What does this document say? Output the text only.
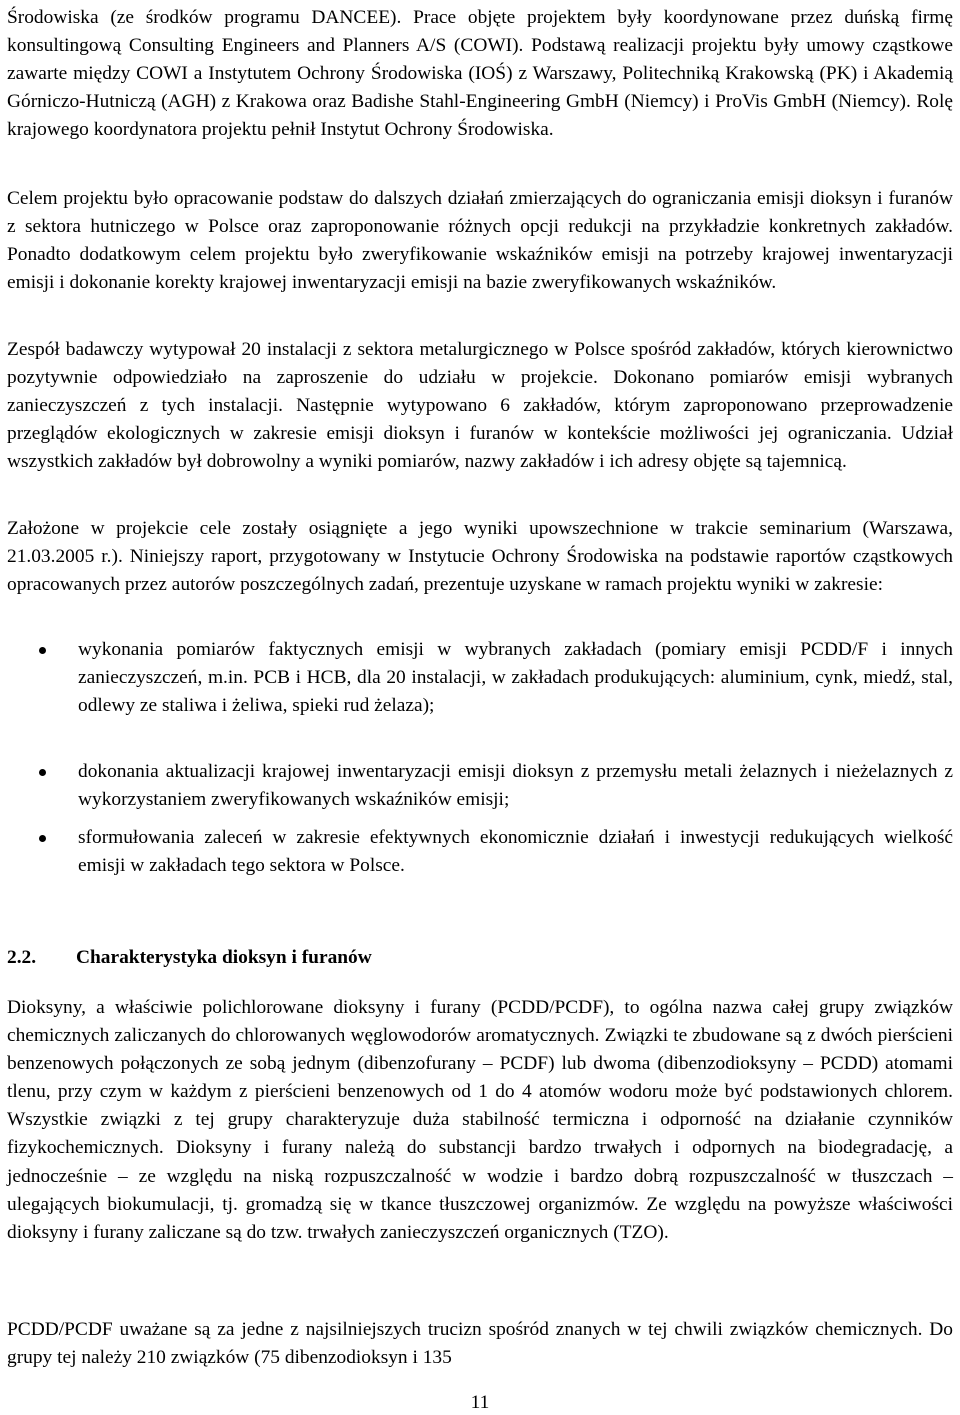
Środowiska (ze środków programu DANCEE). Prace objęte projektem były koordynowane przez duńską firmę konsultingową Consulting Engineers and Planners A/S (COWI). Podstawą realizacji projektu były umowy cząstkowe zawarte między COWI a Instytutem Ochrony Środowiska (IOŚ) z Warszawy, Politechniką Krakowską (PK) i Akademią Górniczo-Hutniczą (AGH) z Krakowa oraz Badishe Stahl-Engineering GmbH (Niemcy) i ProVis GmbH (Niemcy). Rolę krajowego koordynatora projektu pełnił Instytut Ochrony Środowiska.

Celem projektu było opracowanie podstaw do dalszych działań zmierzających do ograniczania emisji dioksyn i furanów z sektora hutniczego w Polsce oraz zaproponowanie różnych opcji redukcji na przykładzie konkretnych zakładów. Ponadto dodatkowym celem projektu było zweryfikowanie wskaźników emisji na potrzeby krajowej inwentaryzacji emisji i dokonanie korekty krajowej inwentaryzacji emisji na bazie zweryfikowanych wskaźników.

Zespół badawczy wytypował 20 instalacji z sektora metalurgicznego w Polsce spośród zakładów, których kierownictwo pozytywnie odpowiedziało na zaproszenie do udziału w projekcie. Dokonano pomiarów emisji wybranych zanieczyszczeń z tych instalacji. Następnie wytypowano 6 zakładów, którym zaproponowano przeprowadzenie przeglądów ekologicznych w zakresie emisji dioksyn i furanów w kontekście możliwości jej ograniczania. Udział wszystkich zakładów był dobrowolny a wyniki pomiarów, nazwy zakładów i ich adresy objęte są tajemnicą.

Założone w projekcie cele zostały osiągnięte a jego wyniki upowszechnione w trakcie seminarium (Warszawa, 21.03.2005 r.). Niniejszy raport, przygotowany w Instytucie Ochrony Środowiska na podstawie raportów cząstkowych opracowanych przez autorów poszczególnych zadań, prezentuje uzyskane w ramach projektu wyniki w zakresie:

wykonania pomiarów faktycznych emisji w wybranych zakładach (pomiary emisji PCDD/F i innych zanieczyszczeń, m.in. PCB i HCB, dla 20 instalacji, w zakładach produkujących: aluminium, cynk, miedź, stal, odlewy ze staliwa i żeliwa, spieki rud żelaza);

dokonania aktualizacji krajowej inwentaryzacji emisji dioksyn z przemysłu metali żelaznych i nieżelaznych z wykorzystaniem zweryfikowanych wskaźników emisji;

sformułowania zaleceń w zakresie efektywnych ekonomicznie działań i inwestycji redukujących wielkość emisji w zakładach tego sektora w Polsce.

2.2. Charakterystyka dioksyn i furanów

Dioksyny, a właściwie polichlorowane dioksyny i furany (PCDD/PCDF), to ogólna nazwa całej grupy związków chemicznych zaliczanych do chlorowanych węglowodorów aromatycznych. Związki te zbudowane są z dwóch pierścieni benzenowych połączonych ze sobą jednym (dibenzofurany – PCDF) lub dwoma (dibenzodioksyny – PCDD) atomami tlenu, przy czym w każdym z pierścieni benzenowych od 1 do 4 atomów wodoru może być podstawionych chlorem. Wszystkie związki z tej grupy charakteryzuje duża stabilność termiczna i odporność na działanie czynników fizykochemicznych. Dioksyny i furany należą do substancji bardzo trwałych i odpornych na biodegradację, a jednocześnie – ze względu na niską rozpuszczalność w wodzie i bardzo dobrą rozpuszczalność w tłuszczach – ulegających biokumulacji, tj. gromadzą się w tkance tłuszczowej organizmów. Ze względu na powyższe właściwości dioksyny i furany zaliczane są do tzw. trwałych zanieczyszczeń organicznych (TZO).

PCDD/PCDF uważane są za jedne z najsilniejszych trucizn spośród znanych w tej chwili związków chemicznych. Do grupy tej należy 210 związków (75 dibenzodioksyn i 135

11
